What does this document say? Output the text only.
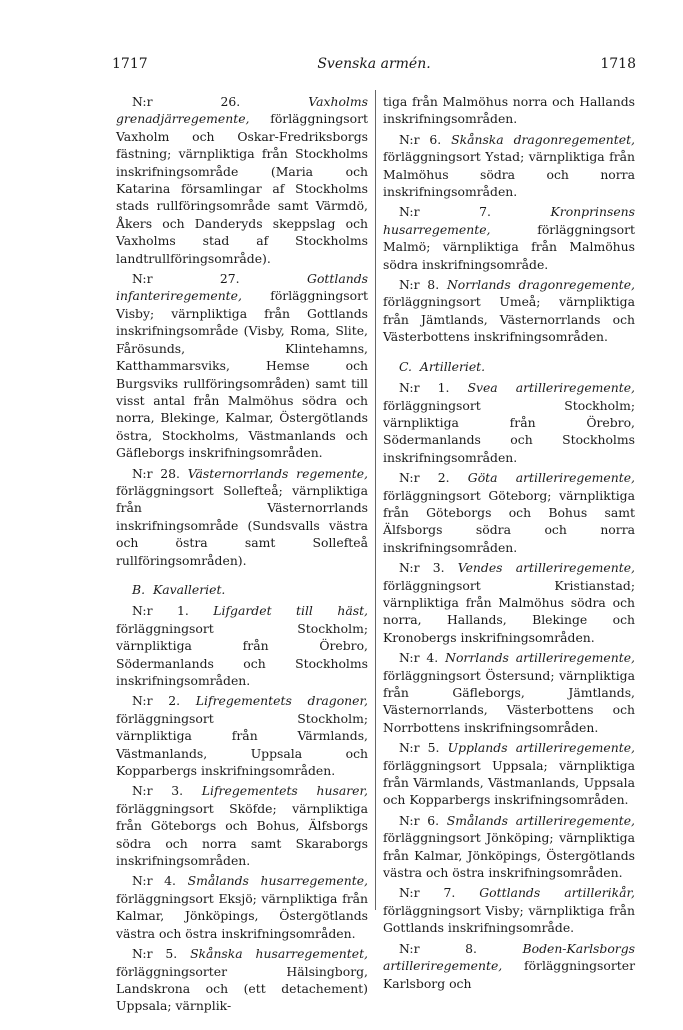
1717	Svenska armén.	1718

N:r 26.	Vaxholms grenadjärregemente, förläggningsort Vaxholm och Oskar-Fredriksborgs fästning; värnpliktiga från Stockholms inskrifningsområde (Maria och Katarina församlingar af Stockholms stads rullföringsområde samt Värmdö, Åkers och Danderyds skeppslag och Vaxholms stad af Stockholms landtrullföringsområde).

N:r 27.	Gottlands infanteriregemente, förläggningsort Visby; värnpliktiga från Gottlands inskrifningsområde (Visby, Roma, Slite, Fårösunds, Klintehamns, Katthammarsviks, Hemse och Burgsviks rullföringsområden) samt till visst antal från Malmöhus södra och norra, Blekinge, Kalmar, Östergötlands östra, Stockholms, Västmanlands och Gäfleborgs inskrifningsområden.

N:r 28. Västernorrlands regemente, förläggningsort Sollefteå; värnpliktiga från Västernorrlands inskrifningsområde (Sundsvalls västra och östra samt Sollefteå rullföringsområden).

B. Kavalleriet.

N:r 1. Lifgardet till häst, förläggningsort Stockholm; värnpliktiga från Örebro, Södermanlands och Stockholms inskrifningsområden.

N:r 2. Lifregementets dragoner, förläggningsort Stockholm; värnpliktiga från Värmlands, Västmanlands, Uppsala och Kopparbergs inskrifningsområden.

N:r 3. Lifregementets husarer, förläggningsort Sköfde; värnpliktiga från Göteborgs och Bohus, Älfsborgs södra och norra samt Skaraborgs inskrifningsområden.

N:r 4. Smålands husarregemente, förläggningsort Eksjö; värnpliktiga från Kalmar, Jönköpings, Östergötlands västra och östra inskrifningsområden.

N:r 5. Skånska husarregementet, förläggningsorter Hälsingborg, Landskrona och (ett detachement) Uppsala; värnplik-

tiga från Malmöhus norra och Hallands inskrifningsområden.

N:r 6. Skånska dragonregementet, förläggningsort Ystad; värnpliktiga från Malmöhus södra och norra inskrifningsområden.

N:r 7.	Kronprinsens husarregemente,	förläggningsort Malmö; värnpliktiga från Malmöhus södra inskrifningsområde.

N:r 8. Norrlands dragonregemente, förläggningsort Umeå; värnpliktiga från Jämtlands, Västernorrlands och Västerbottens inskrifningsområden.

C. Artilleriet.

N:r 1. Svea artilleriregemente, förläggningsort Stockholm; värnpliktiga från Örebro, Södermanlands och Stockholms inskrifningsområden.

N:r 2. Göta artilleriregemente, förläggningsort Göteborg; värnpliktiga från Göteborgs och Bohus samt Älfsborgs södra och norra inskrifningsområden.

N:r 3. Vendes artilleriregemente, förläggningsort Kristianstad; värnpliktiga från Malmöhus södra och norra, Hallands, Blekinge och Kronobergs inskrifningsområden.

N:r 4. Norrlands artilleriregemente, förläggningsort Östersund; värnpliktiga från Gäfleborgs, Jämtlands, Västernorrlands, Västerbottens och Norrbottens inskrifningsområden.

N:r 5. Upplands artilleriregemente, förläggningsort Uppsala; värnpliktiga från Värmlands, Västmanlands, Uppsala och Kopparbergs inskrifningsområden.

N:r 6. Smålands artilleriregemente, förläggningsort Jönköping; värnpliktiga från Kalmar, Jönköpings, Östergötlands västra och östra inskrifningsområden.

N:r 7. Gottlands artillerikår, förläggningsort Visby; värnpliktiga från Gottlands inskrifningsområde.

N:r 8.	Boden-Karlsborgs artilleriregemente, förläggningsorter Karlsborg och
